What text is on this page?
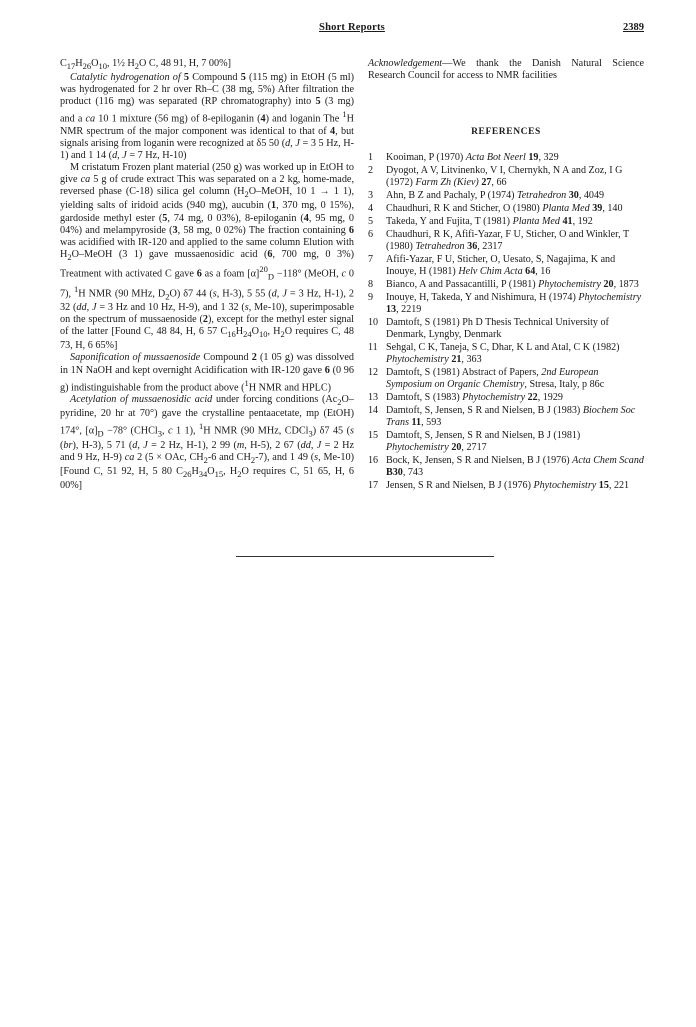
Short Reports	2389

$C_{17}H_{26}O_{10}$, 1½ $H_2O$ C, 48 91, H, 7 00%]

Catalytic hydrogenation of 5 Compound 5 (115 mg) in EtOH (5 ml) was hydrogenated for 2 hr over Rh–C (38 mg, 5%) After filtration the product (116 mg) was separated (RP chromatography) into 5 (3 mg) and a ca 10 1 mixture (56 mg) of 8-epiloganin (4) and loganin The $^1$H NMR spectrum of the major component was identical to that of 4, but signals arising from loganin were recognized at δ5 50 (d, J = 3 5 Hz, H-1) and 1 14 (d, J = 7 Hz, H-10)

M cristatum Frozen plant material (250 g) was worked up in EtOH to give ca 5 g of crude extract This was separated on a 2 kg, home-made, reversed phase (C-18) silica gel column ($H_2O$–MeOH, 10 1 → 1 1), yielding salts of iridoid acids (940 mg), aucubin (1, 370 mg, 0 15%), gardoside methyl ester (5, 74 mg, 0 03%), 8-epiloganin (4, 95 mg, 0 04%) and melampyroside (3, 58 mg, 0 02%) The fraction containing 6 was acidified with IR-120 and applied to the same column Elution with $H_2O$–MeOH (3 1) gave mussaenosidic acid (6, 700 mg, 0 3%) Treatment with activated C gave 6 as a foam $[\alpha]^{20}_D -118^\circ$ (MeOH, c 0 7), $^1$H NMR (90 MHz, $D_2O$) δ7 44 (s, H-3), 5 55 (d, J = 3 Hz, H-1), 2 32 (dd, J = 3 Hz and 10 Hz, H-9), and 1 32 (s, Me-10), superimposable on the spectrum of mussaenoside (2), except for the methyl ester signal of the latter [Found C, 48 84, H, 6 57 $C_{16}H_{24}O_{10}$, $H_2O$ requires C, 48 73, H, 6 65%]

Saponification of mussaenoside Compound 2 (1 05 g) was dissolved in 1N NaOH and kept overnight Acidification with IR-120 gave 6 (0 96 g) indistinguishable from the product above ($^1$H NMR and HPLC)

Acetylation of mussaenosidic acid under forcing conditions ($Ac_2O$–pyridine, 20 hr at 70°) gave the crystalline pentaacetate, mp (EtOH) 174°, $[\alpha]_D -78^\circ$ (CHCl$_3$, c 1 1), $^1$H NMR (90 MHz, CDCl$_3$) δ7 45 (s (br), H-3), 5 71 (d, J = 2 Hz, H-1), 2 99 (m, H-5), 2 67 (dd, J = 2 Hz and 9 Hz, H-9) ca 2 (5 × OAc, $CH_2-6$ and $CH_2-7$), and 1 49 (s, Me-10) [Found C, 51 92, H, 5 80 $C_{26}H_{34}O_{15}$, $H_2O$ requires C, 51 65, H, 6 00%]

Acknowledgement—We thank the Danish Natural Science Research Council for access to NMR facilities

REFERENCES
1	Kooiman, P (1970) Acta Bot Neerl 19, 329
2	Dyogot, A V, Litvinenko, V I, Chernykh, N A and Zoz, I G (1972) Farm Zh (Kiev) 27, 66
3	Ahn, B Z and Pachaly, P (1974) Tetrahedron 30, 4049
4	Chaudhuri, R K and Sticher, O (1980) Planta Med 39, 140
5	Takeda, Y and Fujita, T (1981) Planta Med 41, 192
6	Chaudhuri, R K, Afifi-Yazar, F U, Sticher, O and Winkler, T (1980) Tetrahedron 36, 2317
7	Afifi-Yazar, F U, Sticher, O, Uesato, S, Nagajima, K and Inouye, H (1981) Helv Chim Acta 64, 16
8	Bianco, A and Passacantilli, P (1981) Phytochemistry 20, 1873
9	Inouye, H, Takeda, Y and Nishimura, H (1974) Phytochemistry 13, 2219
10 Damtoft, S (1981) Ph D Thesis Technical University of Denmark, Lyngby, Denmark
11 Sehgal, C K, Taneja, S C, Dhar, K L and Atal, C K (1982) Phytochemistry 21, 363
12 Damtoft, S (1981) Abstract of Papers, 2nd European Symposium on Organic Chemistry, Stresa, Italy, p 86c
13 Damtoft, S (1983) Phytochemistry 22, 1929
14 Damtoft, S, Jensen, S R and Nielsen, B J (1983) Biochem Soc Trans 11, 593
15 Damtoft, S, Jensen, S R and Nielsen, B J (1981) Phytochemistry 20, 2717
16 Bock, K, Jensen, S R and Nielsen, B J (1976) Acta Chem Scand B30, 743
17 Jensen, S R and Nielsen, B J (1976) Phytochemistry 15, 221
